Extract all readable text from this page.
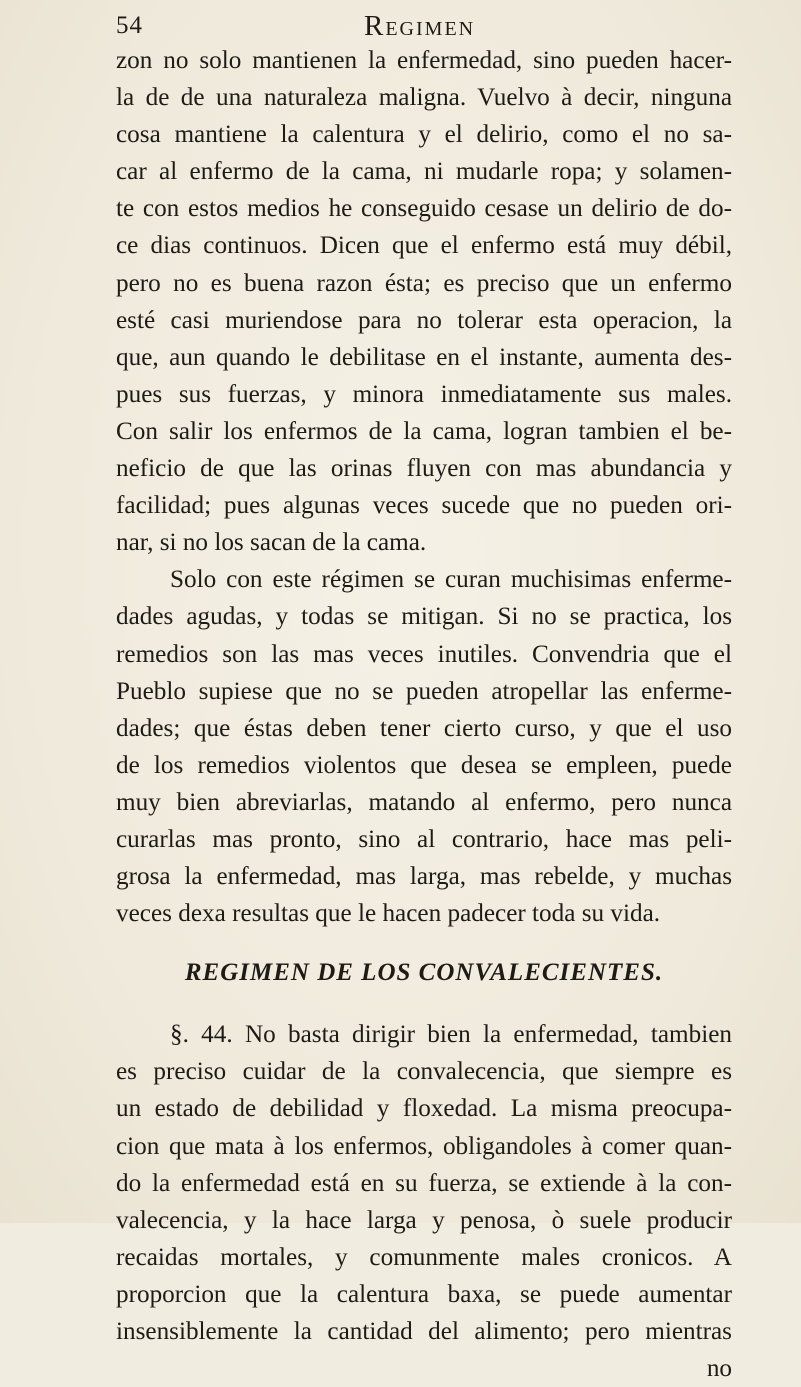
54	Regimen
zon no solo mantienen la enfermedad, sino pueden hacer-
la de de una naturaleza maligna. Vuelvo à decir, ninguna
cosa mantiene la calentura y el delirio, como el no sa-
car al enfermo de la cama, ni mudarle ropa; y solamen-
te con estos medios he conseguido cesase un delirio de do-
ce dias continuos. Dicen que el enfermo está muy débil,
pero no es buena razon ésta; es preciso que un enfermo
esté casi muriendose para no tolerar esta operacion, la
que, aun quando le debilitase en el instante, aumenta des-
pues sus fuerzas, y minora inmediatamente sus males.
Con salir los enfermos de la cama, logran tambien el be-
neficio de que las orinas fluyen con mas abundancia y
facilidad; pues algunas veces sucede que no pueden ori-
nar, si no los sacan de la cama.
Solo con este régimen se curan muchisimas enferme-
dades agudas, y todas se mitigan. Si no se practica, los
remedios son las mas veces inutiles. Convendria que el
Pueblo supiese que no se pueden atropellar las enferme-
dades; que éstas deben tener cierto curso, y que el uso
de los remedios violentos que desea se empleen, puede
muy bien abreviarlas, matando al enfermo, pero nunca
curarlas mas pronto, sino al contrario, hace mas peli-
grosa la enfermedad, mas larga, mas rebelde, y muchas
veces dexa resultas que le hacen padecer toda su vida.
REGIMEN DE LOS CONVALECIENTES.
§. 44. No basta dirigir bien la enfermedad, tambien
es preciso cuidar de la convalecencia, que siempre es
un estado de debilidad y floxedad. La misma preocupa-
cion que mata à los enfermos, obligandoles à comer quan-
do la enfermedad está en su fuerza, se extiende à la con-
valecencia, y la hace larga y penosa, ò suele producir
recaidas mortales, y comunmente males cronicos. A
proporcion que la calentura baxa, se puede aumentar
insensiblemente la cantidad del alimento; pero mientras
no
